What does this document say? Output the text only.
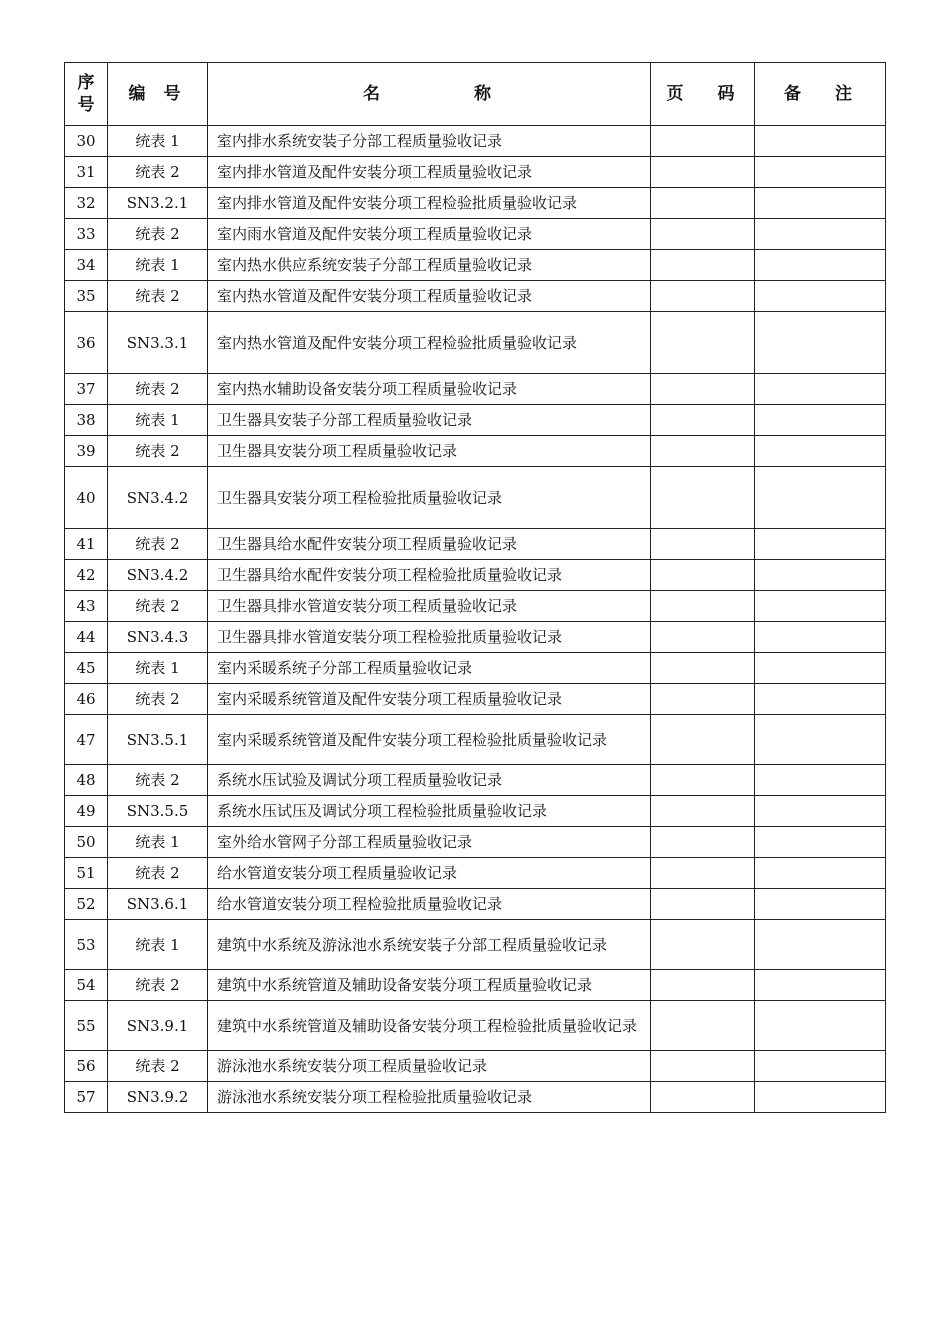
序号	编 号	名 称	页 码	备 注
30	统表 1	室内排水系统安装子分部工程质量验收记录		
31	统表 2	室内排水管道及配件安装分项工程质量验收记录		
32	SN3.2.1	室内排水管道及配件安装分项工程检验批质量验收记录		
33	统表 2	室内雨水管道及配件安装分项工程质量验收记录		
34	统表 1	室内热水供应系统安装子分部工程质量验收记录		
35	统表 2	室内热水管道及配件安装分项工程质量验收记录		
36	SN3.3.1	室内热水管道及配件安装分项工程检验批质量验收记录		
37	统表 2	室内热水辅助设备安装分项工程质量验收记录		
38	统表 1	卫生器具安装子分部工程质量验收记录		
39	统表 2	卫生器具安装分项工程质量验收记录		
40	SN3.4.2	卫生器具安装分项工程检验批质量验收记录		
41	统表 2	卫生器具给水配件安装分项工程质量验收记录		
42	SN3.4.2	卫生器具给水配件安装分项工程检验批质量验收记录		
43	统表 2	卫生器具排水管道安装分项工程质量验收记录		
44	SN3.4.3	卫生器具排水管道安装分项工程检验批质量验收记录		
45	统表 1	室内采暖系统子分部工程质量验收记录		
46	统表 2	室内采暖系统管道及配件安装分项工程质量验收记录		
47	SN3.5.1	室内采暖系统管道及配件安装分项工程检验批质量验收记录		
48	统表 2	系统水压试验及调试分项工程质量验收记录		
49	SN3.5.5	系统水压试压及调试分项工程检验批质量验收记录		
50	统表 1	室外给水管网子分部工程质量验收记录		
51	统表 2	给水管道安装分项工程质量验收记录		
52	SN3.6.1	给水管道安装分项工程检验批质量验收记录		
53	统表 1	建筑中水系统及游泳池水系统安装子分部工程质量验收记录		
54	统表 2	建筑中水系统管道及辅助设备安装分项工程质量验收记录		
55	SN3.9.1	建筑中水系统管道及辅助设备安装分项工程检验批质量验收记录		
56	统表 2	游泳池水系统安装分项工程质量验收记录		
57	SN3.9.2	游泳池水系统安装分项工程检验批质量验收记录		
